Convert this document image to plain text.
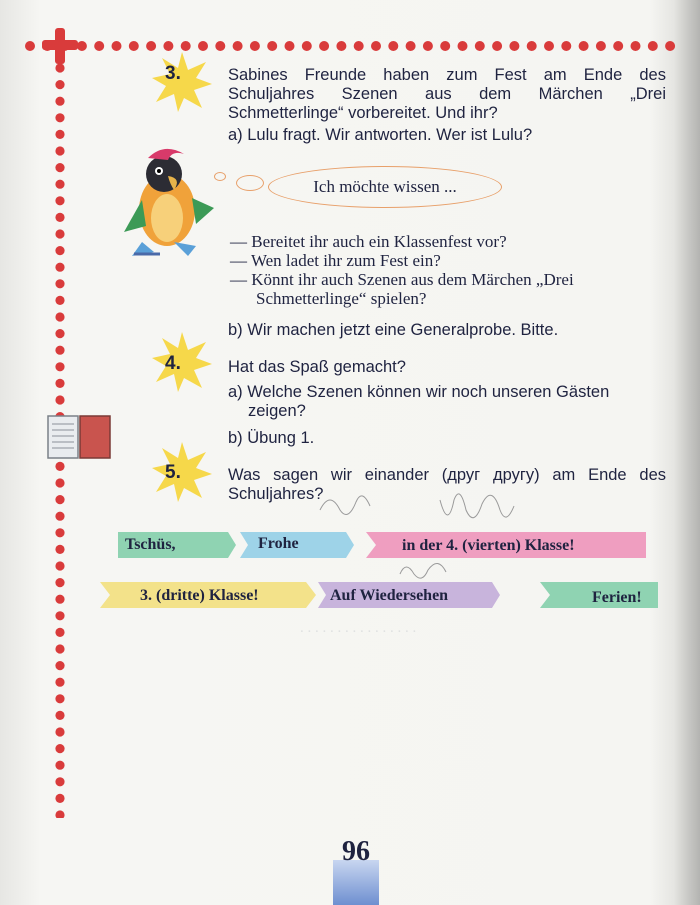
. . . . . . . . . . . . . . . .
3.	Sabines Freunde haben zum Fest am Ende des
Schuljahres Szenen aus dem Märchen „Drei
Schmetterlinge“ vorbereitet. Und ihr?
a) Lulu fragt. Wir antworten. Wer ist Lulu?
Ich möchte wissen ...
— Bereitet ihr auch ein Klassenfest vor?
— Wen ladet ihr zum Fest ein?
— Könnt ihr auch Szenen aus dem Märchen „Drei
Schmetterlinge“ spielen?
b) Wir machen jetzt eine Generalprobe. Bitte.
4.	Hat das Spaß gemacht?
a) Welche Szenen können wir noch unseren Gästen
zeigen?
b) Übung 1.
5.	Was sagen wir einander (друг другу) am Ende des
Schuljahres?
Tschüs,	Frohe	in der 4. (vierten) Klasse!
3. (dritte) Klasse!	Auf Wiedersehen	Ferien!
96
